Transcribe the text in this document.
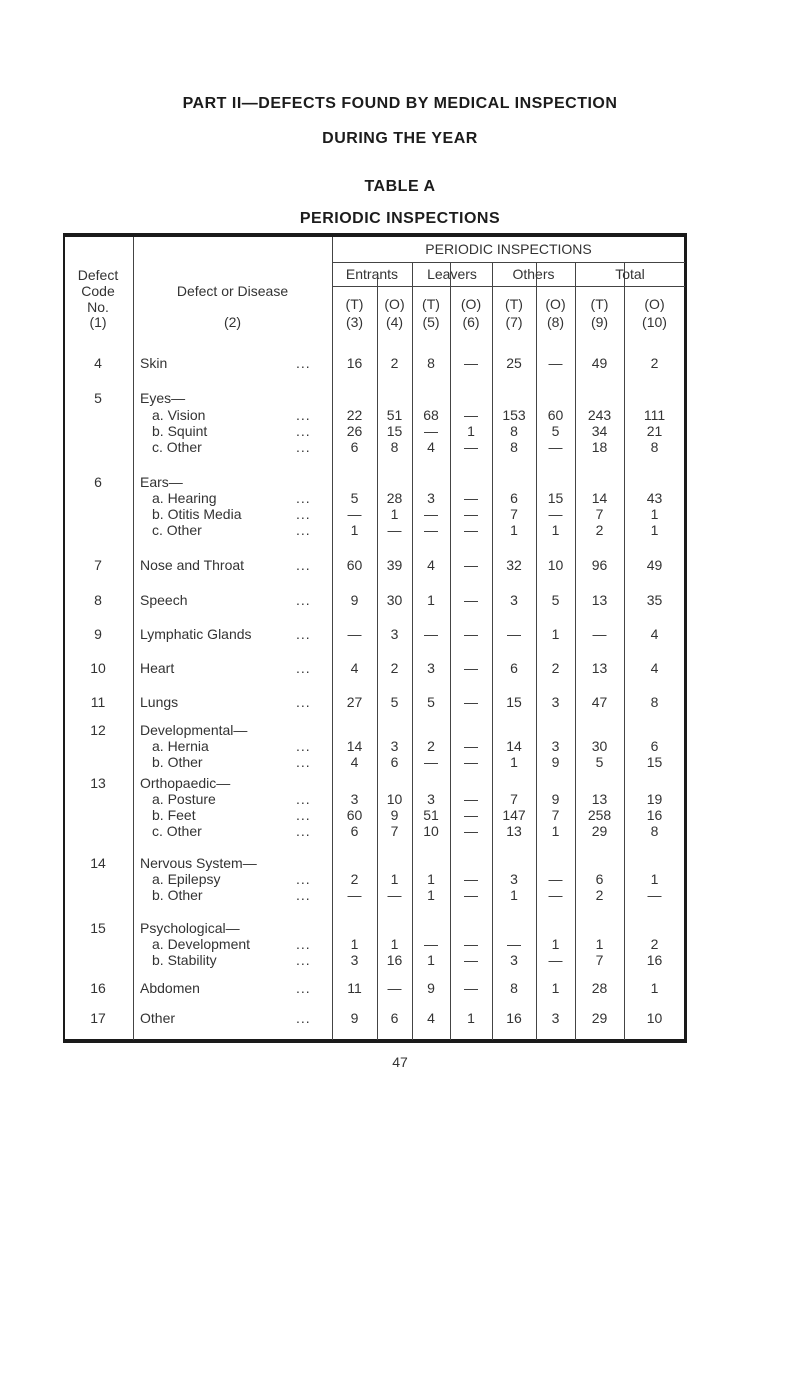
PART II—DEFECTS FOUND BY MEDICAL INSPECTION
DURING THE YEAR
TABLE A
PERIODIC INSPECTIONS
PERIODIC INSPECTIONS
Defect
Code
No.
Defect or Disease
Entrants	Leavers	Others	Total
(T)	(O)	(T)	(O)	(T)	(O)	(T)	(O)
(1)	(2)	(3)	(4)	(5)	(6)	(7)	(8)	(9)	(10)
4	Skin	...	16	2	8	—	25	—	49	2
5	Eyes—
a. Vision	...	22	51	68	—	153	60	243	111
b. Squint	...	26	15	—	1	8	5	34	21
c. Other	...	6	8	4	—	8	—	18	8
6	Ears—
a. Hearing	...	5	28	3	—	6	15	14	43
b. Otitis Media	...	—	1	—	—	7	—	7	1
c. Other	...	1	—	—	—	1	1	2	1
7	Nose and Throat	...	60	39	4	—	32	10	96	49
8	Speech	...	9	30	1	—	3	5	13	35
9	Lymphatic Glands	...	—	3	—	—	—	1	—	4
10	Heart	...	4	2	3	—	6	2	13	4
11	Lungs	...	27	5	5	—	15	3	47	8
12	Developmental—
a. Hernia	...	14	3	2	—	14	3	30	6
b. Other	...	4	6	—	—	1	9	5	15
13	Orthopaedic—
a. Posture	...	3	10	3	—	7	9	13	19
b. Feet	...	60	9	51	—	147	7	258	16
c. Other	...	6	7	10	—	13	1	29	8
14	Nervous System—
a. Epilepsy	...	2	1	1	—	3	—	6	1
b. Other	...	—	—	1	—	1	—	2	—
15	Psychological—
a. Development	...	1	1	—	—	—	1	1	2
b. Stability	...	3	16	1	—	3	—	7	16
16	Abdomen	...	11	—	9	—	8	1	28	1
17	Other	...	9	6	4	1	16	3	29	10
47
